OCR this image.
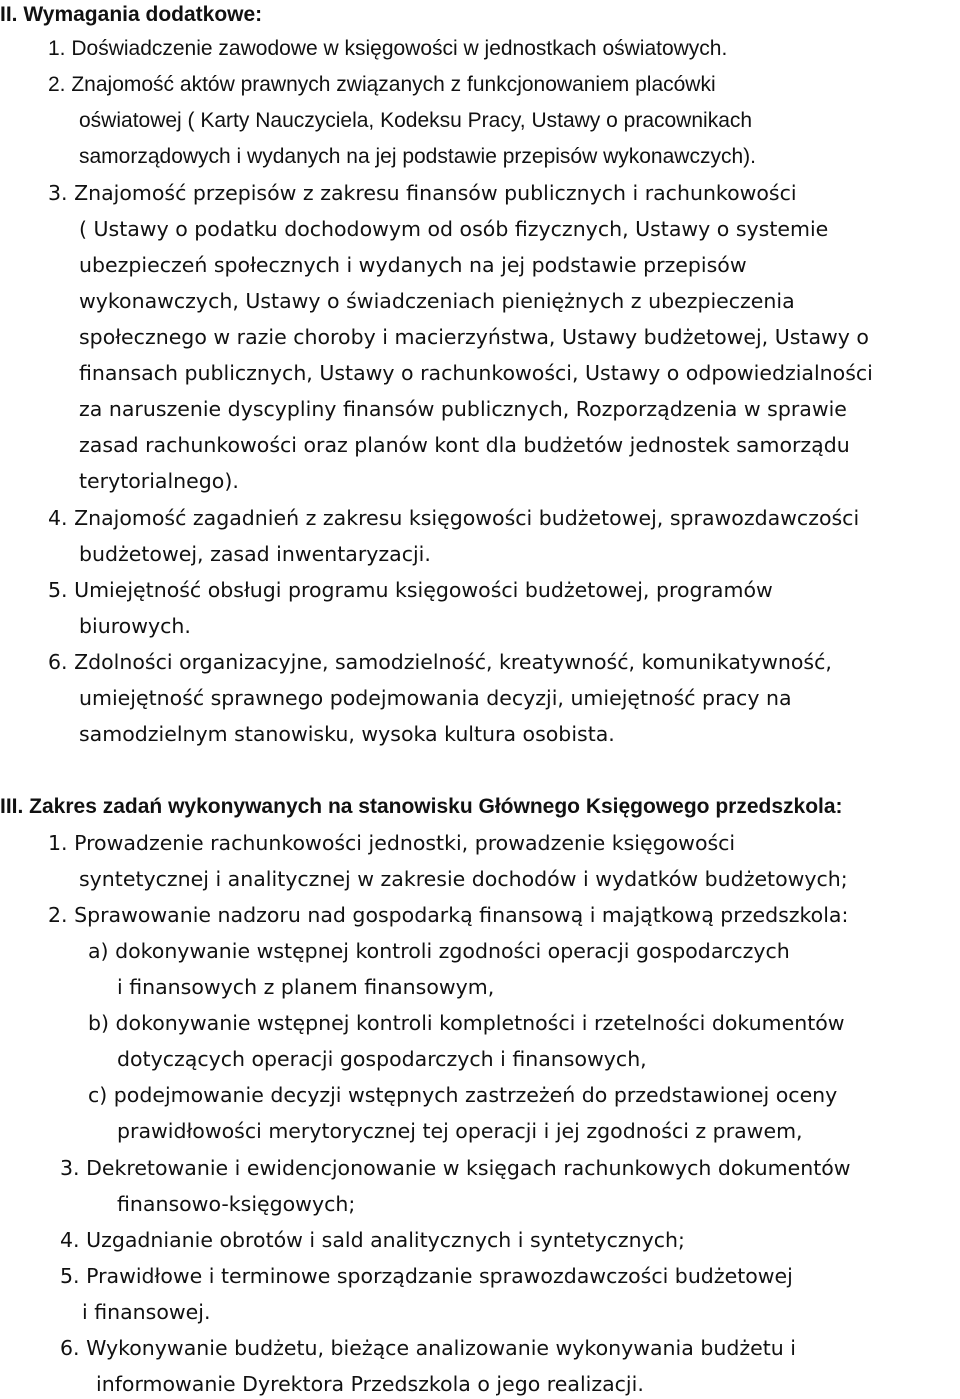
II. Wymagania dodatkowe:
1. Doświadczenie zawodowe w księgowości w jednostkach oświatowych.
2. Znajomość aktów prawnych związanych z funkcjonowaniem placówki
oświatowej ( Karty Nauczyciela, Kodeksu Pracy, Ustawy o pracownikach
samorządowych i wydanych na jej podstawie przepisów wykonawczych).
3. Znajomość przepisów z zakresu finansów publicznych i rachunkowości
( Ustawy o podatku dochodowym od osób fizycznych, Ustawy o systemie
ubezpieczeń społecznych i wydanych na jej podstawie przepisów
wykonawczych, Ustawy o świadczeniach pieniężnych z ubezpieczenia
społecznego w razie choroby i macierzyństwa, Ustawy budżetowej, Ustawy o
finansach publicznych, Ustawy o rachunkowości, Ustawy o odpowiedzialności
za naruszenie dyscypliny finansów publicznych, Rozporządzenia w sprawie
zasad rachunkowości oraz planów kont dla budżetów jednostek samorządu
terytorialnego).
4. Znajomość zagadnień z zakresu księgowości budżetowej, sprawozdawczości
budżetowej, zasad inwentaryzacji.
5. Umiejętność obsługi programu księgowości budżetowej, programów
biurowych.
6. Zdolności organizacyjne, samodzielność, kreatywność, komunikatywność,
umiejętność sprawnego podejmowania decyzji, umiejętność pracy na
samodzielnym stanowisku, wysoka kultura osobista.
III. Zakres zadań wykonywanych na stanowisku Głównego Księgowego przedszkola:
1. Prowadzenie rachunkowości jednostki, prowadzenie księgowości
syntetycznej i analitycznej w zakresie dochodów i wydatków budżetowych;
2. Sprawowanie nadzoru nad gospodarką finansową i majątkową przedszkola:
a) dokonywanie wstępnej kontroli zgodności operacji gospodarczych
i finansowych z planem finansowym,
b) dokonywanie wstępnej kontroli kompletności i rzetelności dokumentów
dotyczących operacji gospodarczych i finansowych,
c) podejmowanie decyzji wstępnych zastrzeżeń do przedstawionej oceny
prawidłowości merytorycznej tej operacji i jej zgodności z prawem,
3. Dekretowanie i ewidencjonowanie w księgach rachunkowych dokumentów
finansowo-księgowych;
4. Uzgadnianie obrotów i sald analitycznych i syntetycznych;
5. Prawidłowe i terminowe sporządzanie sprawozdawczości budżetowej
i finansowej.
6. Wykonywanie budżetu, bieżące analizowanie wykonywania budżetu i
informowanie Dyrektora Przedszkola o jego realizacji.
